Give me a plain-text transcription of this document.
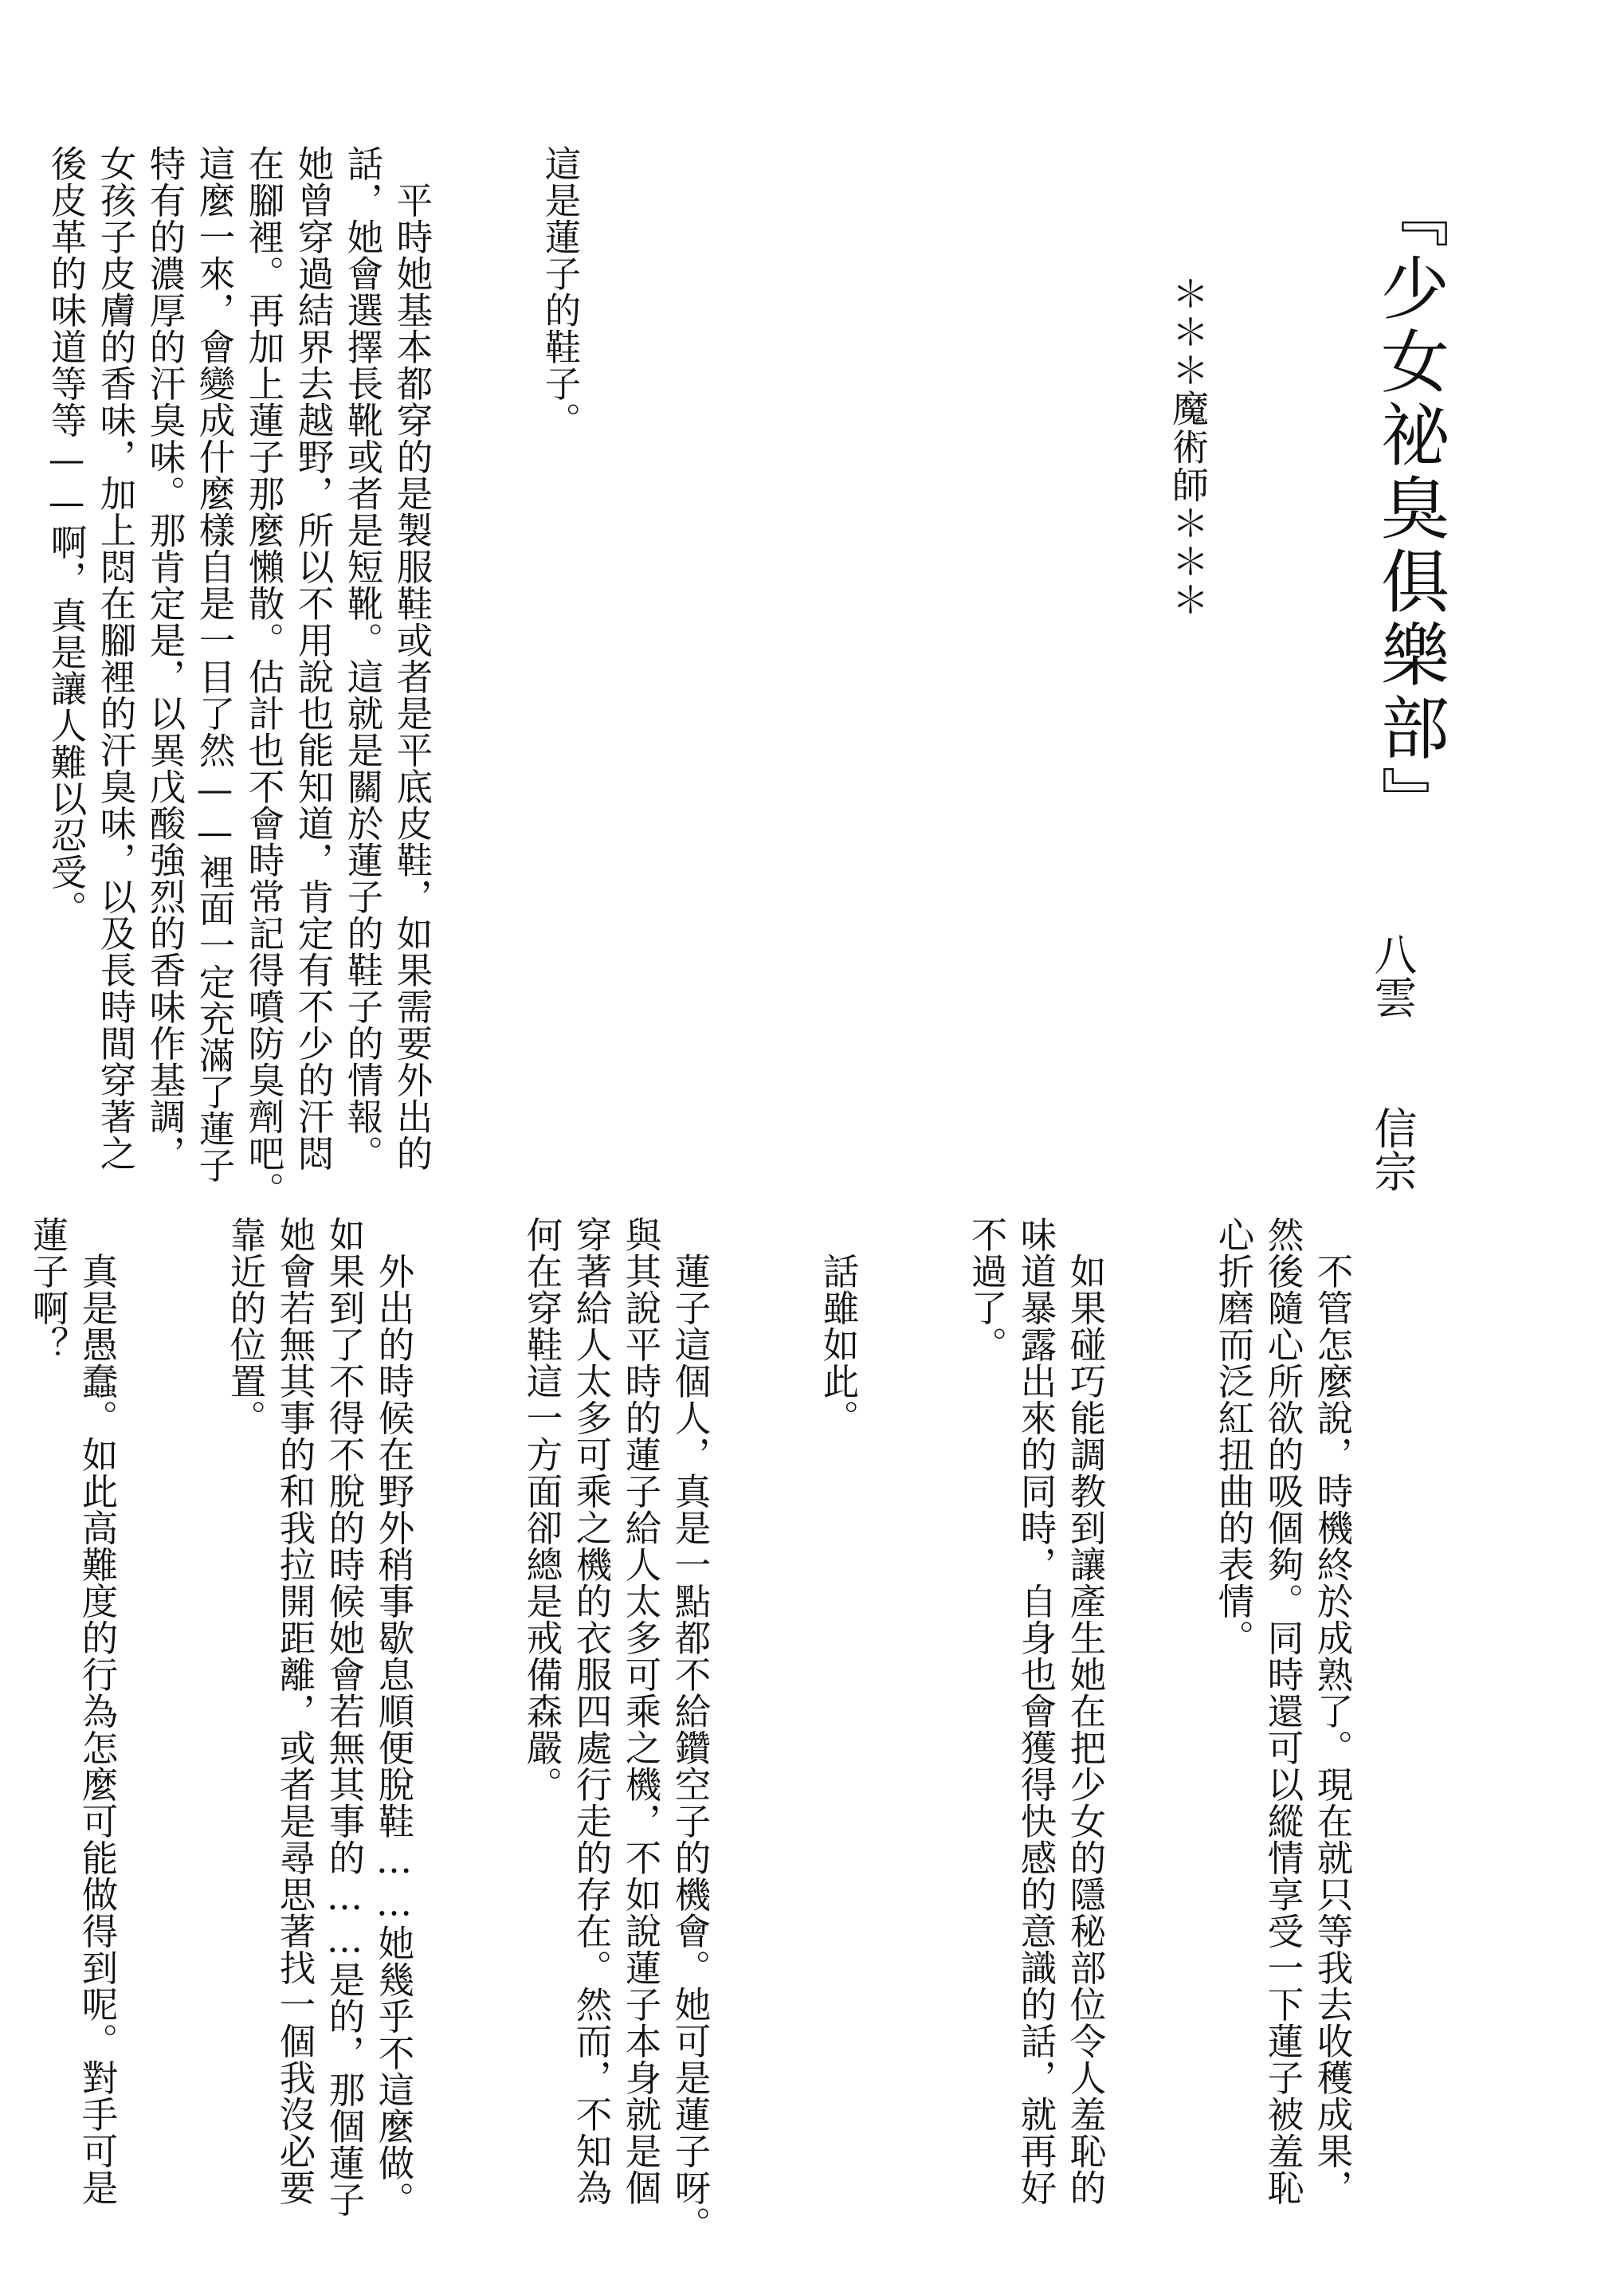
『少女祕臭俱樂部』
＊＊＊魔術師＊＊＊
八雲信宗

這是蓮子的鞋子。

　平時她基本都穿的是製服鞋或者是平底皮鞋，如果需要外出的
話，她會選擇長靴或者是短靴。這就是關於蓮子的鞋子的情報。
她曾穿過結界去越野，所以不用說也能知道，肯定有不少的汗悶
在腳裡。再加上蓮子那麼懶散。估計也不會時常記得噴防臭劑吧。
這麼一來，會變成什麼樣自是一目了然——裡面一定充滿了蓮子
特有的濃厚的汗臭味。那肯定是，以異戊酸強烈的香味作基調，
女孩子皮膚的香味，加上悶在腳裡的汗臭味，以及長時間穿著之
後皮革的味道等等——啊，真是讓人難以忍受。

　不管怎麼說，時機終於成熟了。現在就只等我去收穫成果，
然後隨心所欲的吸個夠。同時還可以縱情享受一下蓮子被羞恥
心折磨而泛紅扭曲的表情。

　如果碰巧能調教到讓產生她在把少女的隱秘部位令人羞恥的
味道暴露出來的同時，自身也會獲得快感的意識的話，就再好
不過了。

　話雖如此。

　蓮子這個人，真是一點都不給鑽空子的機會。她可是蓮子呀。
與其說平時的蓮子給人太多可乘之機，不如說蓮子本身就是個
穿著給人太多可乘之機的衣服四處行走的存在。然而，不知為
何在穿鞋這一方面卻總是戒備森嚴。

　外出的時候在野外稍事歇息順便脫鞋……她幾乎不這麼做。
如果到了不得不脫的時候她會若無其事的……是的，那個蓮子
她會若無其事的和我拉開距離，或者是尋思著找一個我沒必要
靠近的位置。

　真是愚蠢。如此高難度的行為怎麼可能做得到呢。對手可是
蓮子啊？
